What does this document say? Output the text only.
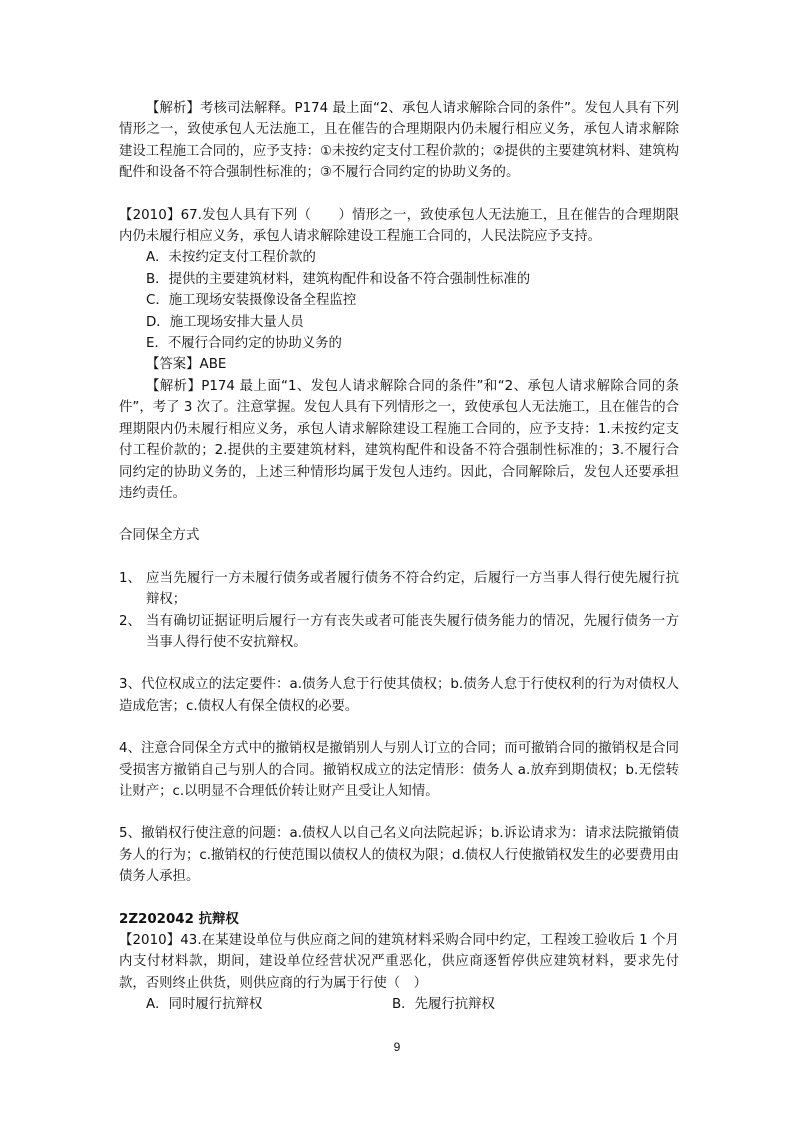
【解析】考核司法解释。P174 最上面“2、承包人请求解除合同的条件”。发包人具有下列情形之一，致使承包人无法施工，且在催告的合理期限内仍未履行相应义务，承包人请求解除建设工程施工合同的，应予支持：①未按约定支付工程价款的；②提供的主要建筑材料、建筑构配件和设备不符合强制性标准的；③不履行合同约定的协助义务的。

【2010】67.发包人具有下列（　　）情形之一，致使承包人无法施工，且在催告的合理期限内仍未履行相应义务，承包人请求解除建设工程施工合同的，人民法院应予支持。

A．未按约定支付工程价款的

B．提供的主要建筑材料，建筑构配件和设备不符合强制性标准的

C．施工现场安装摄像设备全程监控

D．施工现场安排大量人员

E．不履行合同约定的协助义务的

【答案】ABE

【解析】P174 最上面“1、发包人请求解除合同的条件”和“2、承包人请求解除合同的条件”，考了 3 次了。注意掌握。发包人具有下列情形之一，致使承包人无法施工，且在催告的合理期限内仍未履行相应义务，承包人请求解除建设工程施工合同的，应予支持：1.未按约定支付工程价款的；2.提供的主要建筑材料，建筑构配件和设备不符合强制性标准的；3.不履行合同约定的协助义务的，上述三种情形均属于发包人违约。因此，合同解除后，发包人还要承担违约责任。

合同保全方式

1、 应当先履行一方未履行债务或者履行债务不符合约定，后履行一方当事人得行使先履行抗辩权；
2、 当有确切证据证明后履行一方有丧失或者可能丧失履行债务能力的情况，先履行债务一方当事人得行使不安抗辩权。

3、代位权成立的法定要件：a.债务人怠于行使其债权；b.债务人怠于行使权利的行为对债权人造成危害；c.债权人有保全债权的必要。

4、注意合同保全方式中的撤销权是撤销别人与别人订立的合同；而可撤销合同的撤销权是合同受损害方撤销自己与别人的合同。撤销权成立的法定情形：债务人 a.放弃到期债权；b.无偿转让财产；c.以明显不合理低价转让财产且受让人知情。

5、撤销权行使注意的问题：a.债权人以自己名义向法院起诉；b.诉讼请求为：请求法院撤销债务人的行为；c.撤销权的行使范围以债权人的债权为限；d.债权人行使撤销权发生的必要费用由债务人承担。

2Z202042 抗辩权

【2010】43.在某建设单位与供应商之间的建筑材料采购合同中约定，工程竣工验收后 1 个月内支付材料款，期间，建设单位经营状况严重恶化，供应商逐暂停供应建筑材料，要求先付款，否则终止供货，则供应商的行为属于行使（　）

A．同时履行抗辩权	B．先履行抗辩权
9
